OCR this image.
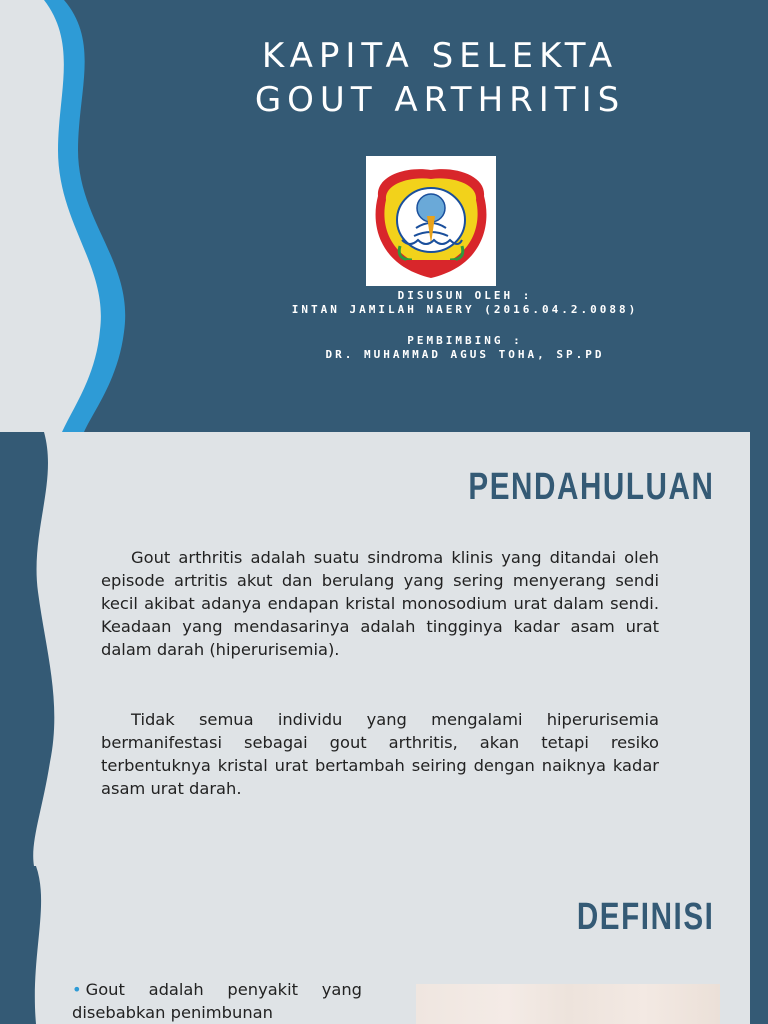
KAPITA SELEKTA
GOUT ARTHRITIS
DISUSUN OLEH :
INTAN JAMILAH NAERY (2016.04.2.0088)
PEMBIMBING :
DR. MUHAMMAD AGUS TOHA, SP.PD
PENDAHULUAN

Gout arthritis adalah suatu sindroma klinis yang ditandai oleh episode artritis akut dan berulang yang sering menyerang sendi kecil akibat adanya endapan kristal monosodium urat dalam sendi. Keadaan yang mendasarinya adalah tingginya kadar asam urat dalam darah (hiperurisemia).

Tidak semua individu yang mengalami hiperurisemia bermanifestasi sebagai gout arthritis, akan tetapi resiko terbentuknya kristal urat bertambah seiring dengan naiknya kadar asam urat darah.

DEFINISI
• Gout adalah penyakit yang disebabkan penimbunan
